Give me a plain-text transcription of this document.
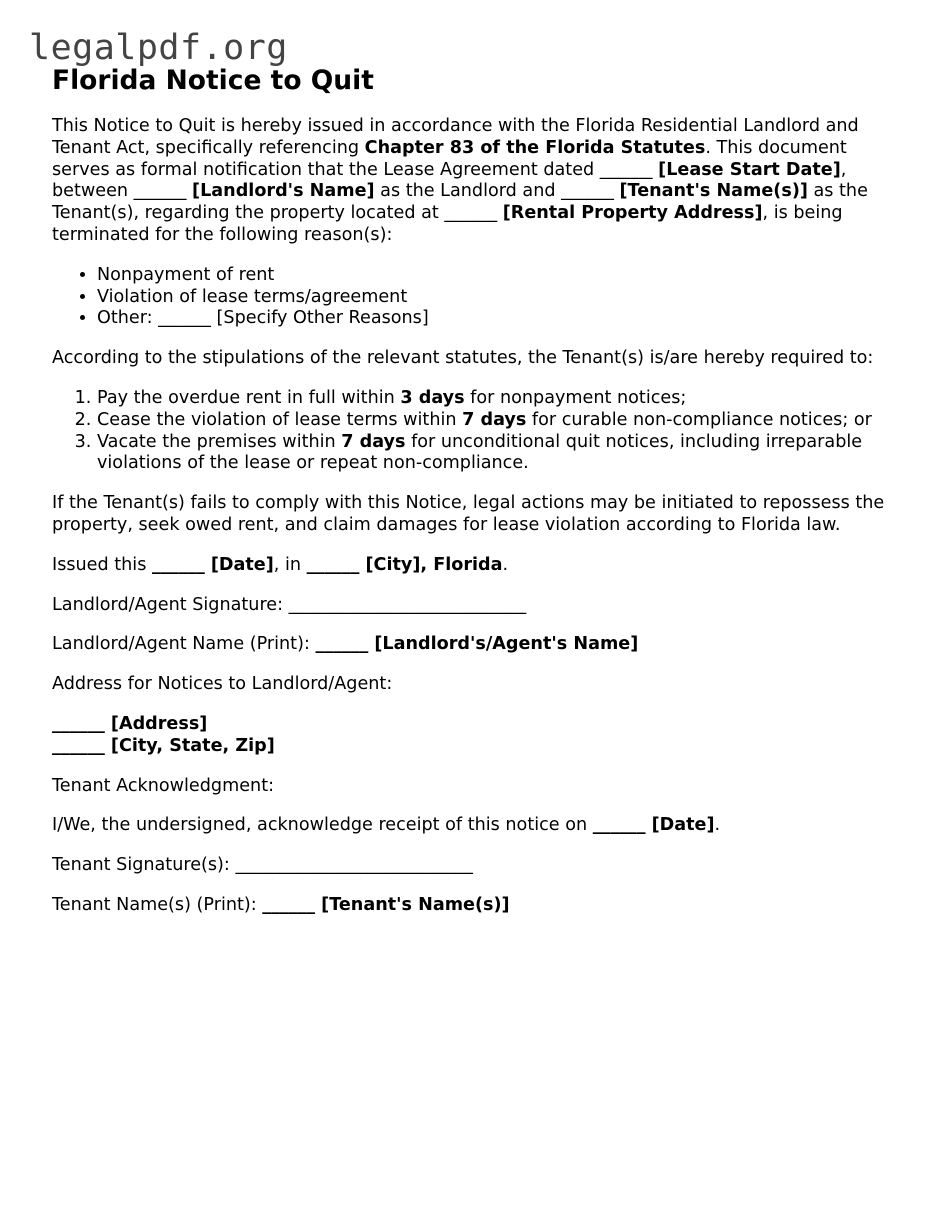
legalpdf.org
Florida Notice to Quit

This Notice to Quit is hereby issued in accordance with the Florida Residential Landlord and Tenant Act, specifically referencing Chapter 83 of the Florida Statutes. This document serves as formal notification that the Lease Agreement dated ______ [Lease Start Date], between ______ [Landlord's Name] as the Landlord and ______ [Tenant's Name(s)] as the Tenant(s), regarding the property located at ______ [Rental Property Address], is being terminated for the following reason(s):

• Nonpayment of rent
• Violation of lease terms/agreement
• Other: ______ [Specify Other Reasons]

According to the stipulations of the relevant statutes, the Tenant(s) is/are hereby required to:

1. Pay the overdue rent in full within 3 days for nonpayment notices;
2. Cease the violation of lease terms within 7 days for curable non-compliance notices; or
3. Vacate the premises within 7 days for unconditional quit notices, including irreparable violations of the lease or repeat non-compliance.

If the Tenant(s) fails to comply with this Notice, legal actions may be initiated to repossess the property, seek owed rent, and claim damages for lease violation according to Florida law.

Issued this ______ [Date], in ______ [City], Florida.

Landlord/Agent Signature: ___________________________

Landlord/Agent Name (Print): ______ [Landlord's/Agent's Name]

Address for Notices to Landlord/Agent:

______ [Address]
______ [City, State, Zip]

Tenant Acknowledgment:

I/We, the undersigned, acknowledge receipt of this notice on ______ [Date].

Tenant Signature(s): ___________________________

Tenant Name(s) (Print): ______ [Tenant's Name(s)]
